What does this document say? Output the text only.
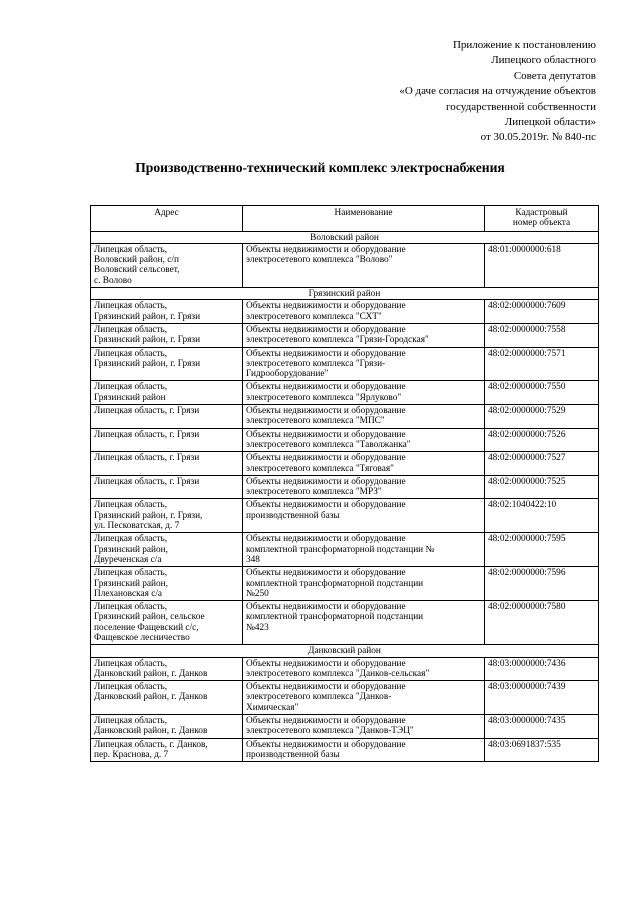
Приложение к постановлению
Липецкого областного
Совета депутатов
«О даче согласия на отчуждение объектов
государственной собственности
Липецкой области»
от 30.05.2019г. № 840-пс
Производственно-технический комплекс электроснабжения
Адрес	Наименование	Кадастровый
номер объекта
Воловский район		
Липецкая область,
Воловский район, с/п
Воловский сельсовет,
с. Волово	Объекты недвижимости и оборудование
электросетевого комплекса "Волово"	48:01:0000000:618
Грязинский район		
Липецкая область,
Грязинский район, г. Грязи	Объекты недвижимости и оборудование
электросетевого комплекса "СХТ"	48:02:0000000:7609
Липецкая область,
Грязинский район, г. Грязи	Объекты недвижимости и оборудование
электросетевого комплекса "Грязи-Городская"	48:02:0000000:7558
Липецкая область,
Грязинский район, г. Грязи	Объекты недвижимости и оборудование
электросетевого комплекса "Грязи-
Гидрооборудование"	48:02:0000000:7571
Липецкая область,
Грязинский район	Объекты недвижимости и оборудование
электросетевого комплекса "Ярлуково"	48:02:0000000:7550
Липецкая область, г. Грязи	Объекты недвижимости и оборудование
электросетевого комплекса "МПС"	48:02:0000000:7529
Липецкая область, г. Грязи	Объекты недвижимости и оборудование
электросетевого комплекса "Таволжанка"	48:02:0000000:7526
Липецкая область, г. Грязи	Объекты недвижимости и оборудование
электросетевого комплекса "Тяговая"	48:02:0000000:7527
Липецкая область, г. Грязи	Объекты недвижимости и оборудование
электросетевого комплекса "МРЗ"	48:02:0000000:7525
Липецкая область,
Грязинский район, г. Грязи,
ул. Песковатская, д. 7	Объекты недвижимости и оборудование
производственной базы	48:02:1040422:10
Липецкая область,
Грязинский район,
Двуреченская с/а	Объекты недвижимости и оборудование
комплектной трансформаторной подстанции №
348	48:02:0000000:7595
Липецкая область,
Грязинский район,
Плехановская с/а	Объекты недвижимости и оборудование
комплектной трансформаторной подстанции
№250	48:02:0000000:7596
Липецкая область,
Грязинский район, сельское
поселение Фащевский с/с,
Фащевское лесничество	Объекты недвижимости и оборудование
комплектной трансформаторной подстанции
№423	48:02:0000000:7580
Данковский район		
Липецкая область,
Данковский район, г. Данков	Объекты недвижимости и оборудование
электросетевого комплекса "Данков-сельская"	48:03:0000000:7436
Липецкая область,
Данковский район, г. Данков	Объекты недвижимости и оборудование
электросетевого комплекса "Данков-
Химическая"	48:03:0000000:7439
Липецкая область,
Данковский район, г. Данков	Объекты недвижимости и оборудование
электросетевого комплекса "Данков-ТЭЦ"	48:03:0000000:7435
Липецкая область, г. Данков,
пер. Краснова, д. 7	Объекты недвижимости и оборудование
производственной базы	48:03:0691837:535
